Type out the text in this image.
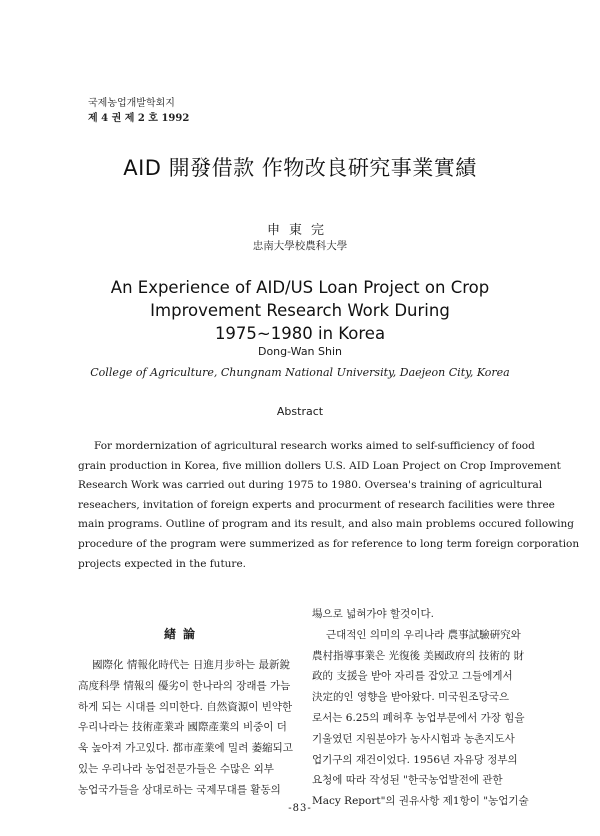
국제농업개발학회지
제 4 권 제 2 호 1992
AID 開發借款 作物改良硏究事業實績
申東完
忠南大學校農科大學
An Experience of AID/US Loan Project on Crop
Improvement Research Work During
1975∼1980 in Korea
Dong-Wan Shin
College of Agriculture, Chungnam National University, Daejeon City, Korea
Abstract
For mordernization of agricultural research works aimed to self-sufficiency of food
grain production in Korea, five million dollers U.S. AID Loan Project on Crop Improvement
Research Work was carried out during 1975 to 1980. Oversea's training of agricultural
reseachers, invitation of foreign experts and procurment of research facilities were three
main programs. Outline of program and its result, and also main problems occured following
procedure of the program were summerized as for reference to long term foreign corporation
projects expected in the future.
緖論
國際化 情報化時代는 日進月步하는 最新銳
高度科學 情報의 優劣이 한나라의 장래를 가늠
하게 되는 시대를 의미한다. 自然資源이 빈약한
우리나라는 技術產業과 國際產業의 비중이 더
욱 높아져 가고있다. 都市產業에 밀려 萎縮되고
있는 우리나라 농업전문가들은 수많은 외부
농업국가들을 상대로하는 국제무대를 활동의
場으로 넓혀가야 할것이다.
근대적인 의미의 우리나라 農事試驗硏究와
農村指導事業은 光復後 美國政府의 技術的 財
政的 支援을 받아 자리를 잡았고 그들에게서
決定的인 영향을 받아왔다. 미국원조당국으
로서는 6.25의 폐허후 농업부문에서 가장 힘을
기울였던 지원분야가 농사시험과 농촌지도사
업기구의 재건이었다. 1956년 자유당 정부의
요청에 따라 작성된 "한국농업발전에 관한
Macy Report"의 권유사항 제1항이 "농업기술
-83-
